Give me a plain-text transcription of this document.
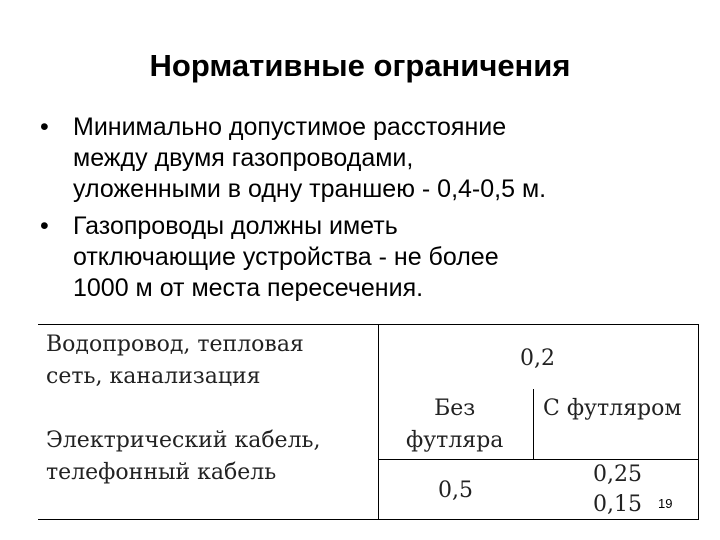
Нормативные ограничения
• Минимально допустимое расстояние
между двумя газопроводами,
уложенными в одну траншею - 0,4-0,5 м.
• Газопроводы должны иметь
отключающие устройства - не более
1000 м от места пересечения.
Водопровод, тепловая
сеть, канализация
0,2
Без
футляра
С футляром
Электрический кабель,
телефонный кабель
0,5
0,25
0,15 19
